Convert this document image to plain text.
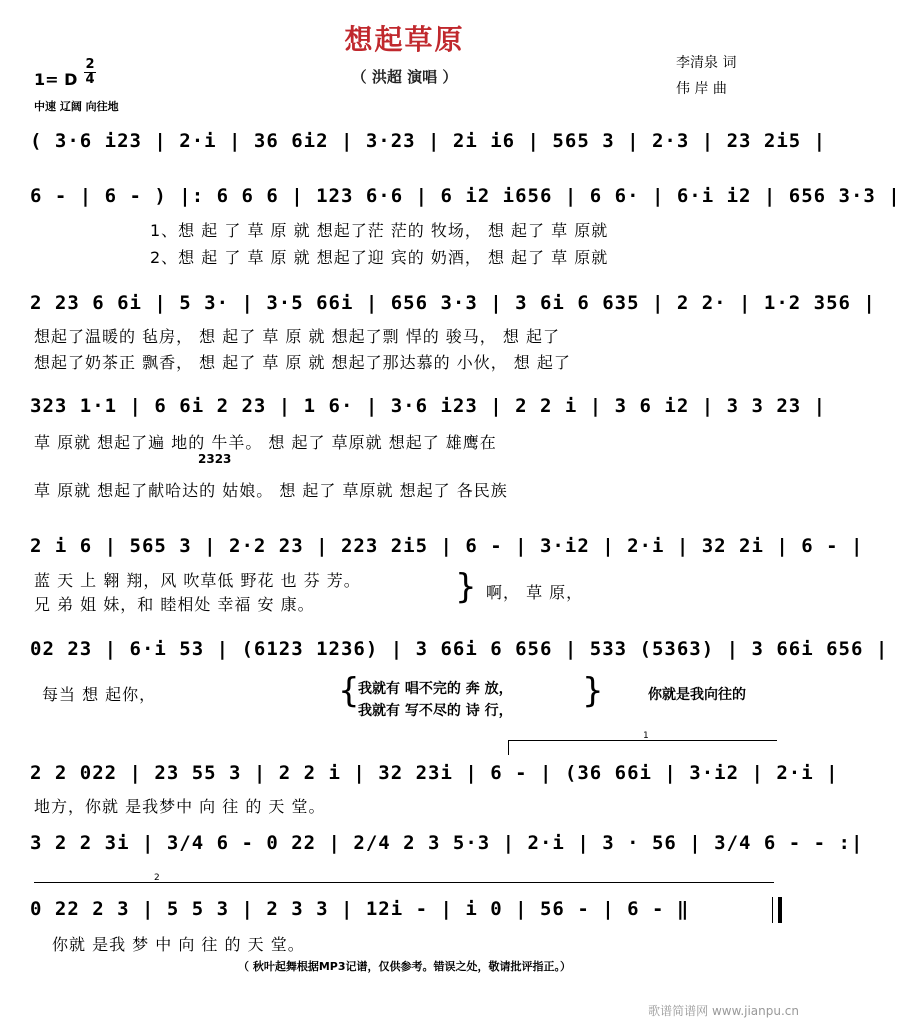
想起草原
（ 洪超 演唱 ）
1= D
2
4
中速 辽阔 向往地
李清泉 词
伟 岸 曲
( 3·6 i23 | 2·i | 36 6i2 | 3·23 | 2i i6 | 565 3 | 2·3 | 23 2i5 |
6 - | 6 - ) |: 6 6 6 | 123 6·6 | 6 i2 i656 | 6 6· | 6·i i2 | 656 3·3 |
1、想 起 了 草 原 就 想起了茫 茫的 牧场， 想 起了 草 原就
2、想 起 了 草 原 就 想起了迎 宾的 奶酒， 想 起了 草 原就
2 23 6 6i | 5 3· | 3·5 66i | 656 3·3 | 3 6i 6 635 | 2 2· | 1·2 356 |
想起了温暖的 毡房， 想 起了 草 原 就 想起了剽 悍的 骏马， 想 起了
想起了奶茶正 飘香， 想 起了 草 原 就 想起了那达慕的 小伙， 想 起了
323 1·1 | 6 6i 2 23 | 1 6· | 3·6 i23 | 2 2 i | 3 6 i2 | 3 3 23 |
草 原就 想起了遍 地的 牛羊。 想 起了 草原就 想起了 雄鹰在
2323
草 原就 想起了献哈达的 姑娘。 想 起了 草原就 想起了 各民族
2 i 6 | 565 3 | 2·2 23 | 223 2i5 | 6 - | 3·i2 | 2·i | 32 2i | 6 - |
蓝 天 上 翱 翔，风 吹草低 野花 也 芬 芳。
兄 弟 姐 妹，和 睦相处 幸福 安 康。	} 啊， 草 原，
02 23 | 6·i 53 | (6123 1236) | 3 66i 6 656 | 533 (5363) | 3 66i 656 |
每当 想 起你，	{
我就有 唱不完的 奔 放，
我就有 写不尽的 诗 行， }	你就是我向往的
1
2 2 022 | 23 55 3 | 2 2 i | 32 23i | 6 - | (36 66i | 3·i2 | 2·i |
地方，你就 是我梦中 向 往 的 天 堂。
3 2 2 3i | 3/4 6 - 0 22 | 2/4 2 3 5·3 | 2·i | 3 · 56 | 3/4 6 - - :|
2
0 22 2 3 | 5 5 3 | 2 3 3 | 12i - | i 0 | 56 - | 6 - ‖
你就 是我 梦 中 向 往 的 天 堂。
（ 秋叶起舞根据MP3记谱，仅供参考。错误之处，敬请批评指正。）
歌谱简谱网 www.jianpu.cn
